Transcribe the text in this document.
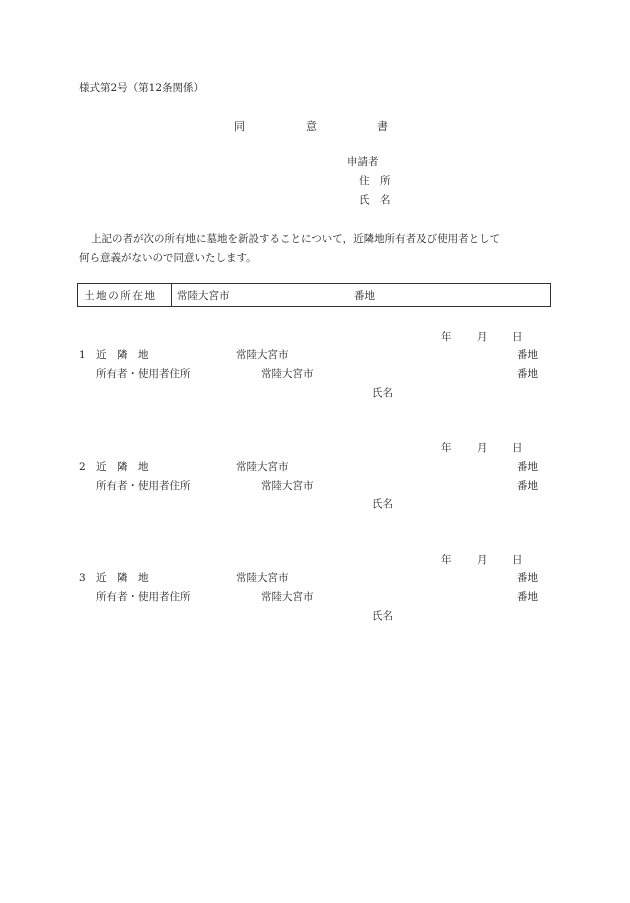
様式第2号（第12条関係）
同	意	書
申請者
住　所
氏　名
上記の者が次の所有地に墓地を新設することについて，近隣地所有者及び使用者として
何ら意義がないので同意いたします。
土地の所在地 常陸大宮市	番地
年 月 日
1 近　隣　地	常陸大宮市	番地
所有者・使用者住所	常陸大宮市	番地
氏名
年 月 日
2 近　隣　地	常陸大宮市	番地
所有者・使用者住所	常陸大宮市	番地
氏名
年 月 日
3 近　隣　地	常陸大宮市	番地
所有者・使用者住所	常陸大宮市	番地
氏名
